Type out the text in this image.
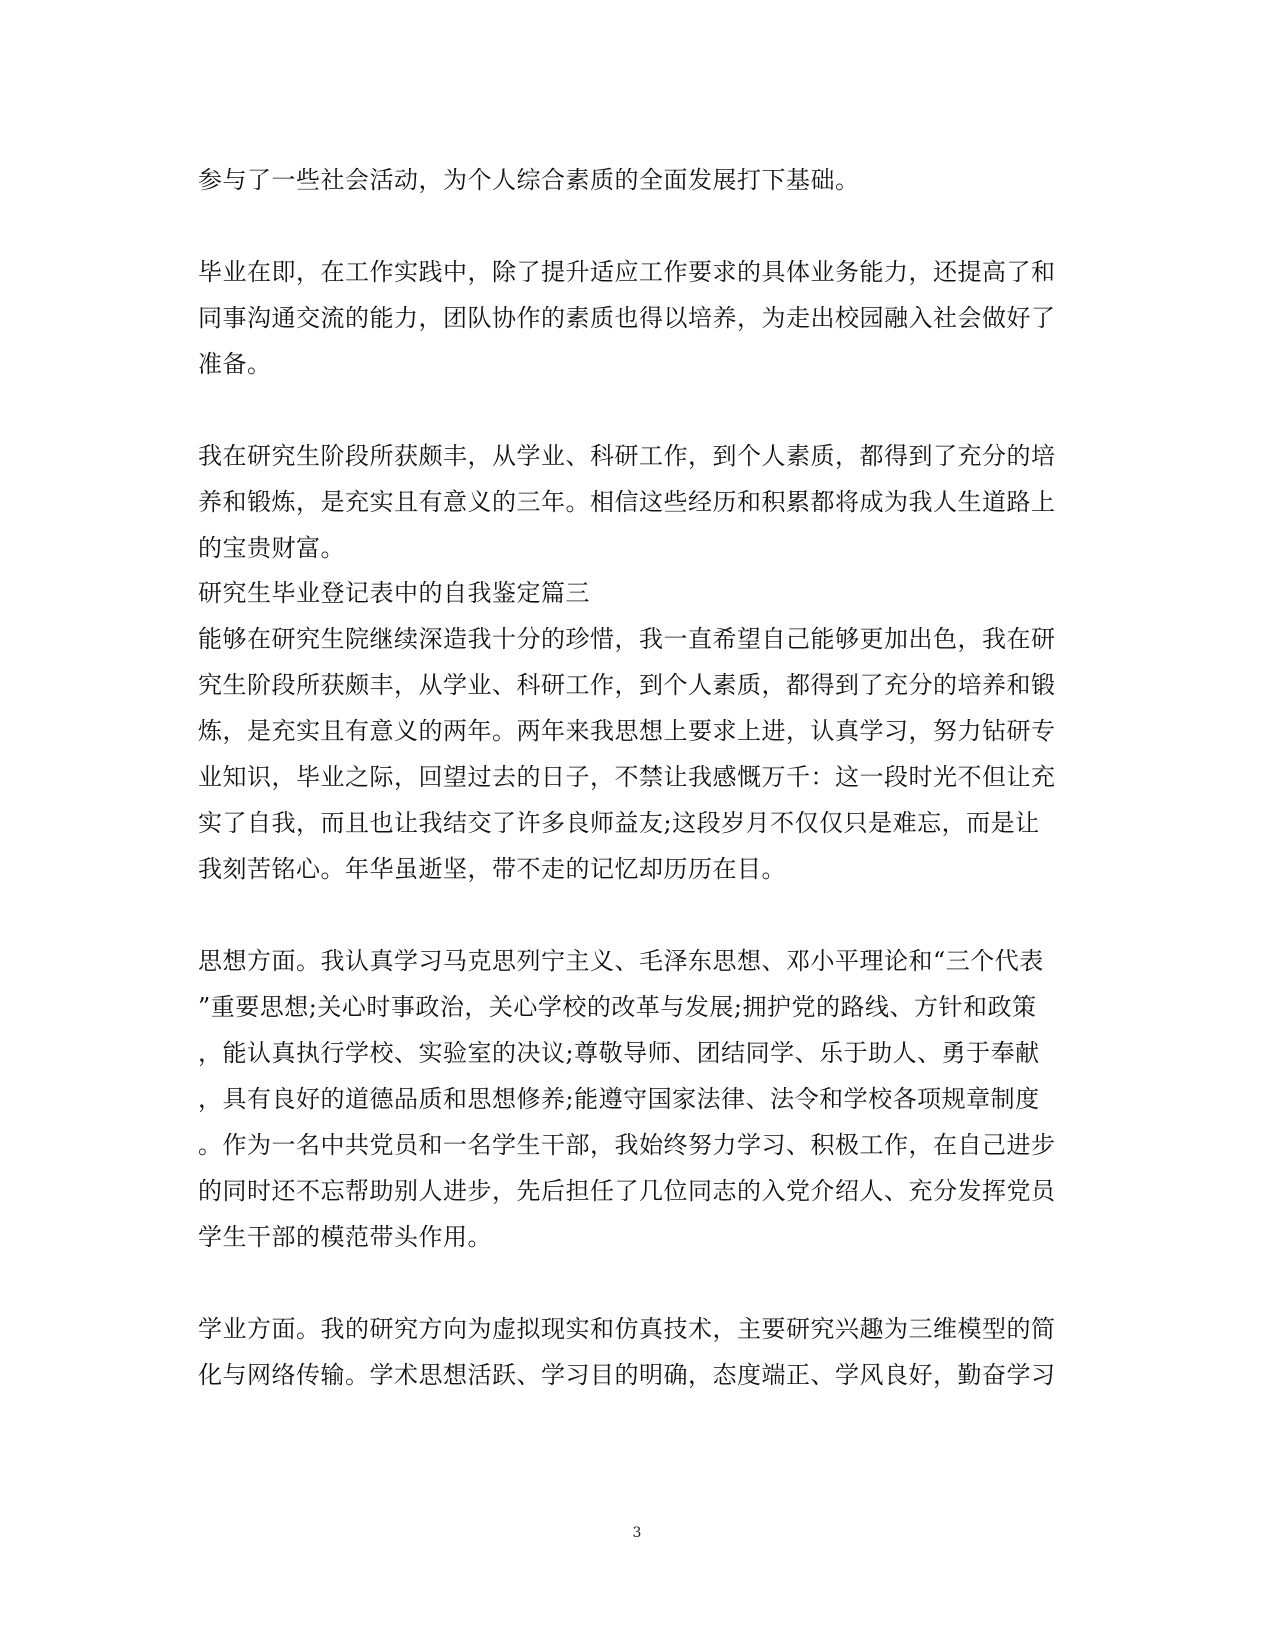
参与了一些社会活动，为个人综合素质的全面发展打下基础。
毕业在即，在工作实践中，除了提升适应工作要求的具体业务能力，还提高了和
同事沟通交流的能力，团队协作的素质也得以培养，为走出校园融入社会做好了
准备。
我在研究生阶段所获颇丰，从学业、科研工作，到个人素质，都得到了充分的培
养和锻炼，是充实且有意义的三年。相信这些经历和积累都将成为我人生道路上
的宝贵财富。
研究生毕业登记表中的自我鉴定篇三
能够在研究生院继续深造我十分的珍惜，我一直希望自己能够更加出色，我在研
究生阶段所获颇丰，从学业、科研工作，到个人素质，都得到了充分的培养和锻
炼，是充实且有意义的两年。两年来我思想上要求上进，认真学习，努力钻研专
业知识，毕业之际，回望过去的日子，不禁让我感慨万千：这一段时光不但让充
实了自我，而且也让我结交了许多良师益友;这段岁月不仅仅只是难忘，而是让
我刻苦铭心。年华虽逝坚，带不走的记忆却历历在目。
思想方面。我认真学习马克思列宁主义、毛泽东思想、邓小平理论和“三个代表
”重要思想;关心时事政治，关心学校的改革与发展;拥护党的路线、方针和政策
，能认真执行学校、实验室的决议;尊敬导师、团结同学、乐于助人、勇于奉献
，具有良好的道德品质和思想修养;能遵守国家法律、法令和学校各项规章制度
。作为一名中共党员和一名学生干部，我始终努力学习、积极工作，在自己进步
的同时还不忘帮助别人进步，先后担任了几位同志的入党介绍人、充分发挥党员
学生干部的模范带头作用。
学业方面。我的研究方向为虚拟现实和仿真技术，主要研究兴趣为三维模型的简
化与网络传输。学术思想活跃、学习目的明确，态度端正、学风良好，勤奋学习
3
